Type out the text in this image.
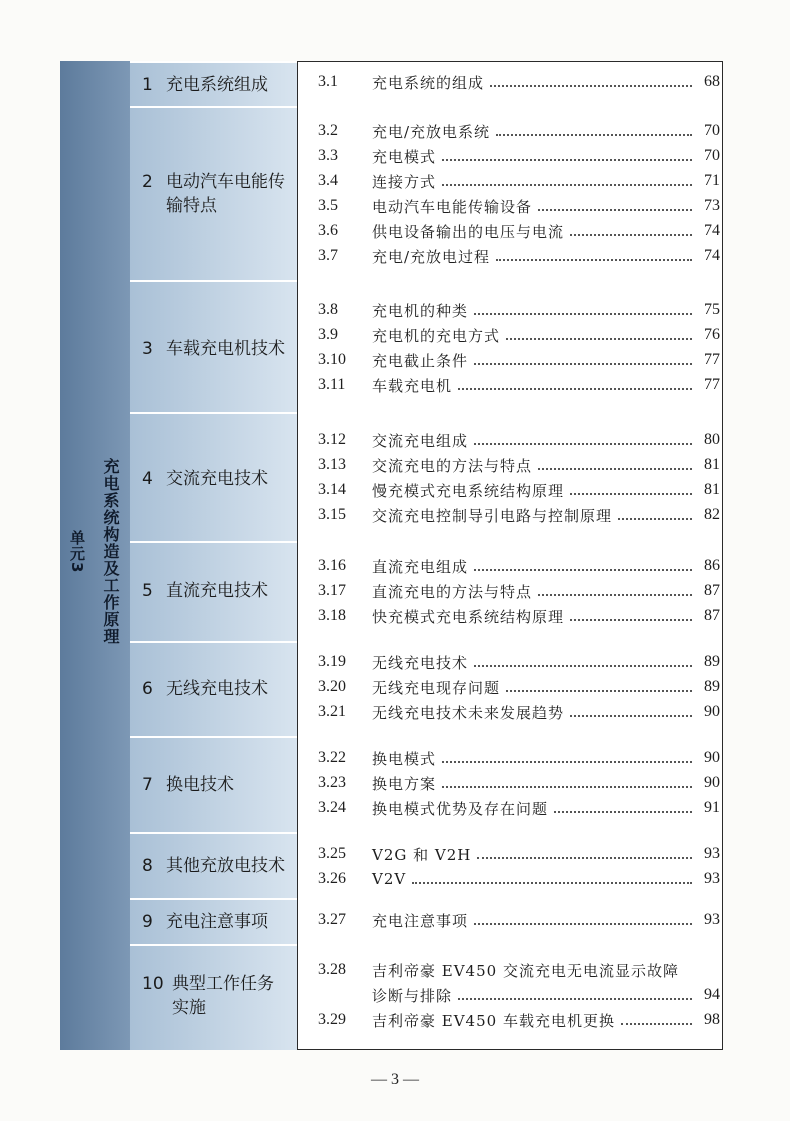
单元3 充电系统构造及工作原理
1 充电系统组成
2 电动汽车电能传
输特点
3 车载充电机技术
4 交流充电技术
5 直流充电技术
6 无线充电技术
7 换电技术
8 其他充放电技术
9 充电注意事项
10 典型工作任务
实施
3.1	充电系统的组成	68
3.2	充电/充放电系统	70
3.3	充电模式	70
3.4	连接方式	71
3.5	电动汽车电能传输设备	73
3.6	供电设备输出的电压与电流	74
3.7	充电/充放电过程	74
3.8	充电机的种类	75
3.9	充电机的充电方式	76
3.10	充电截止条件	77
3.11	车载充电机	77
3.12	交流充电组成	80
3.13	交流充电的方法与特点	81
3.14	慢充模式充电系统结构原理	81
3.15	交流充电控制导引电路与控制原理	82
3.16	直流充电组成	86
3.17	直流充电的方法与特点	87
3.18	快充模式充电系统结构原理	87
3.19	无线充电技术	89
3.20	无线充电现存问题	89
3.21	无线充电技术未来发展趋势	90
3.22	换电模式	90
3.23	换电方案	90
3.24	换电模式优势及存在问题	91
3.25	V2G 和 V2H	93
3.26	V2V	93
3.27	充电注意事项	93
3.28	吉利帝豪 EV450 交流充电无电流显示故障
诊断与排除	94
3.29	吉利帝豪 EV450 车载充电机更换	98
— 3 —
